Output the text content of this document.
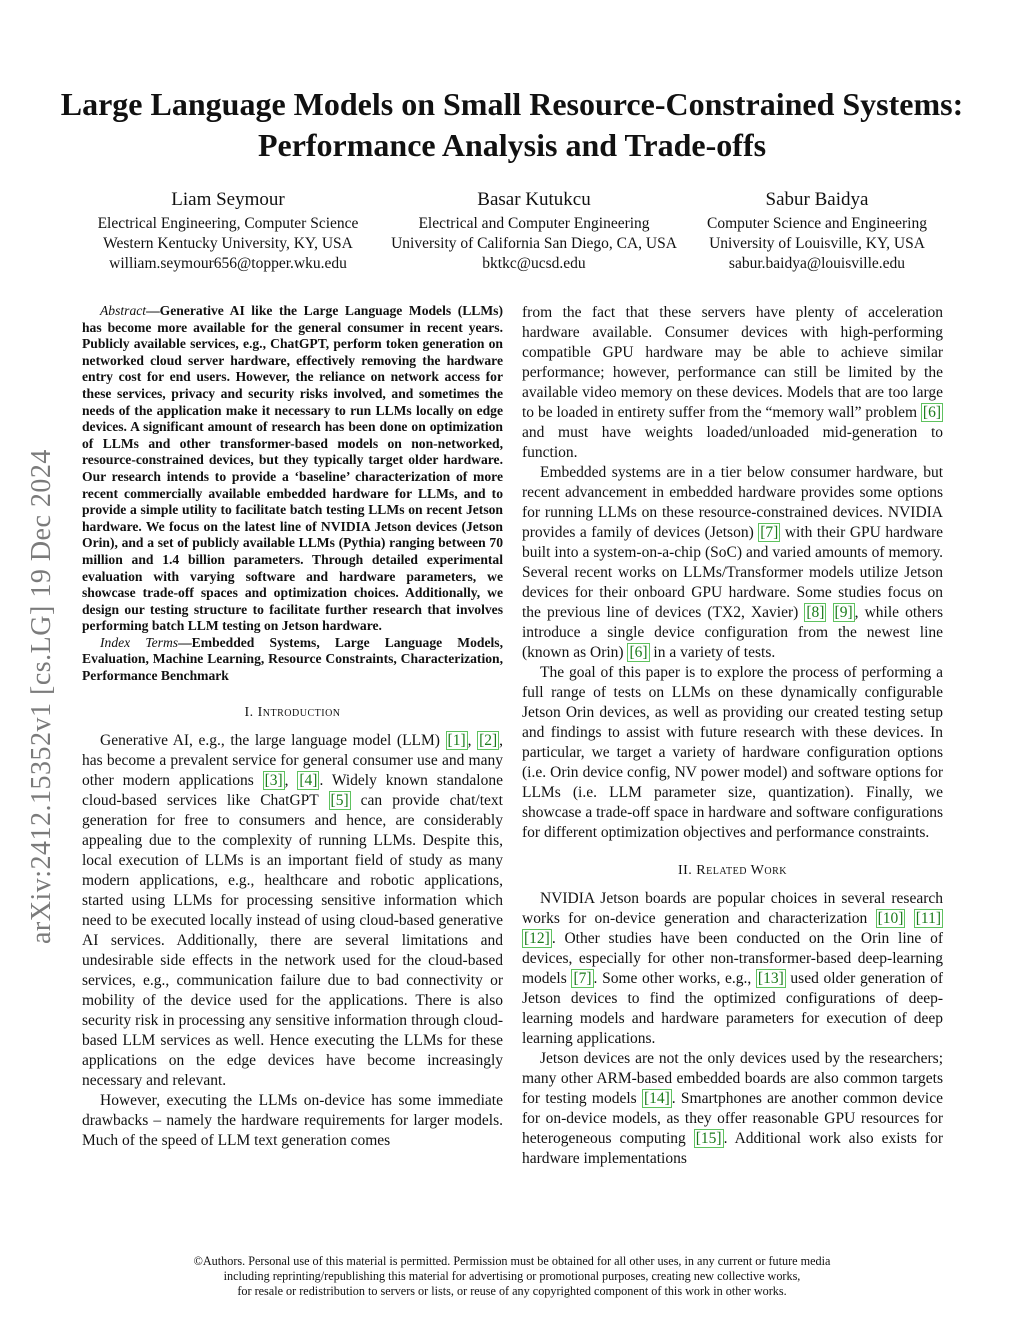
arXiv:2412.15352v1 [cs.LG] 19 Dec 2024
Large Language Models on Small Resource-Constrained Systems: Performance Analysis and Trade-offs
Liam Seymour
Electrical Engineering, Computer Science
Western Kentucky University, KY, USA
william.seymour656@topper.wku.edu
Basar Kutukcu
Electrical and Computer Engineering
University of California San Diego, CA, USA
bktkc@ucsd.edu
Sabur Baidya
Computer Science and Engineering
University of Louisville, KY, USA
sabur.baidya@louisville.edu

Abstract—Generative AI like the Large Language Models (LLMs) has become more available for the general consumer in recent years. Publicly available services, e.g., ChatGPT, perform token generation on networked cloud server hardware, effectively removing the hardware entry cost for end users. However, the reliance on network access for these services, privacy and security risks involved, and sometimes the needs of the application make it necessary to run LLMs locally on edge devices. A significant amount of research has been done on optimization of LLMs and other transformer-based models on non-networked, resource-constrained devices, but they typically target older hardware. Our research intends to provide a ‘baseline’ characterization of more recent commercially available embedded hardware for LLMs, and to provide a simple utility to facilitate batch testing LLMs on recent Jetson hardware. We focus on the latest line of NVIDIA Jetson devices (Jetson Orin), and a set of publicly available LLMs (Pythia) ranging between 70 million and 1.4 billion parameters. Through detailed experimental evaluation with varying software and hardware parameters, we showcase trade-off spaces and optimization choices. Additionally, we design our testing structure to facilitate further research that involves performing batch LLM testing on Jetson hardware.

Index Terms—Embedded Systems, Large Language Models, Evaluation, Machine Learning, Resource Constraints, Characterization, Performance Benchmark

I. Introduction

Generative AI, e.g., the large language model (LLM) [1] , [2] , has become a prevalent service for general consumer use and many other modern applications [3] , [4] . Widely known standalone cloud-based services like ChatGPT [5] can provide chat/text generation for free to consumers and hence, are considerably appealing due to the complexity of running LLMs. Despite this, local execution of LLMs is an important field of study as many modern applications, e.g., healthcare and robotic applications, started using LLMs for processing sensitive information which need to be executed locally instead of using cloud-based generative AI services. Additionally, there are several limitations and undesirable side effects in the network used for the cloud-based services, e.g., communication failure due to bad connectivity or mobility of the device used for the applications. There is also security risk in processing any sensitive information through cloud-based LLM services as well. Hence executing the LLMs for these applications on the edge devices have become increasingly necessary and relevant.

However, executing the LLMs on-device has some immediate drawbacks – namely the hardware requirements for larger models. Much of the speed of LLM text generation comes

from the fact that these servers have plenty of acceleration hardware available. Consumer devices with high-performing compatible GPU hardware may be able to achieve similar performance; however, performance can still be limited by the available video memory on these devices. Models that are too large to be loaded in entirety suffer from the “memory wall” problem [6] and must have weights loaded/unloaded mid-generation to function.

Embedded systems are in a tier below consumer hardware, but recent advancement in embedded hardware provides some options for running LLMs on these resource-constrained devices. NVIDIA provides a family of devices (Jetson) [7] with their GPU hardware built into a system-on-a-chip (SoC) and varied amounts of memory. Several recent works on LLMs/Transformer models utilize Jetson devices for their onboard GPU hardware. Some studies focus on the previous line of devices (TX2, Xavier) [8] [9] , while others introduce a single device configuration from the newest line (known as Orin) [6] in a variety of tests.

The goal of this paper is to explore the process of performing a full range of tests on LLMs on these dynamically configurable Jetson Orin devices, as well as providing our created testing setup and findings to assist with future research with these devices. In particular, we target a variety of hardware configuration options (i.e. Orin device config, NV power model) and software options for LLMs (i.e. LLM parameter size, quantization). Finally, we showcase a trade-off space in hardware and software configurations for different optimization objectives and performance constraints.

II. Related Work

NVIDIA Jetson boards are popular choices in several research works for on-device generation and characterization [10] [11] [12] . Other studies have been conducted on the Orin line of devices, especially for other non-transformer-based deep-learning models [7] . Some other works, e.g., [13] used older generation of Jetson devices to find the optimized configurations of deep-learning models and hardware parameters for execution of deep learning applications.

Jetson devices are not the only devices used by the researchers; many other ARM-based embedded boards are also common targets for testing models [14] . Smartphones are another common device for on-device models, as they offer reasonable GPU resources for heterogeneous computing [15] . Additional work also exists for hardware implementations

©Authors. Personal use of this material is permitted. Permission must be obtained for all other uses, in any current or future media
including reprinting/republishing this material for advertising or promotional purposes, creating new collective works,
for resale or redistribution to servers or lists, or reuse of any copyrighted component of this work in other works.
